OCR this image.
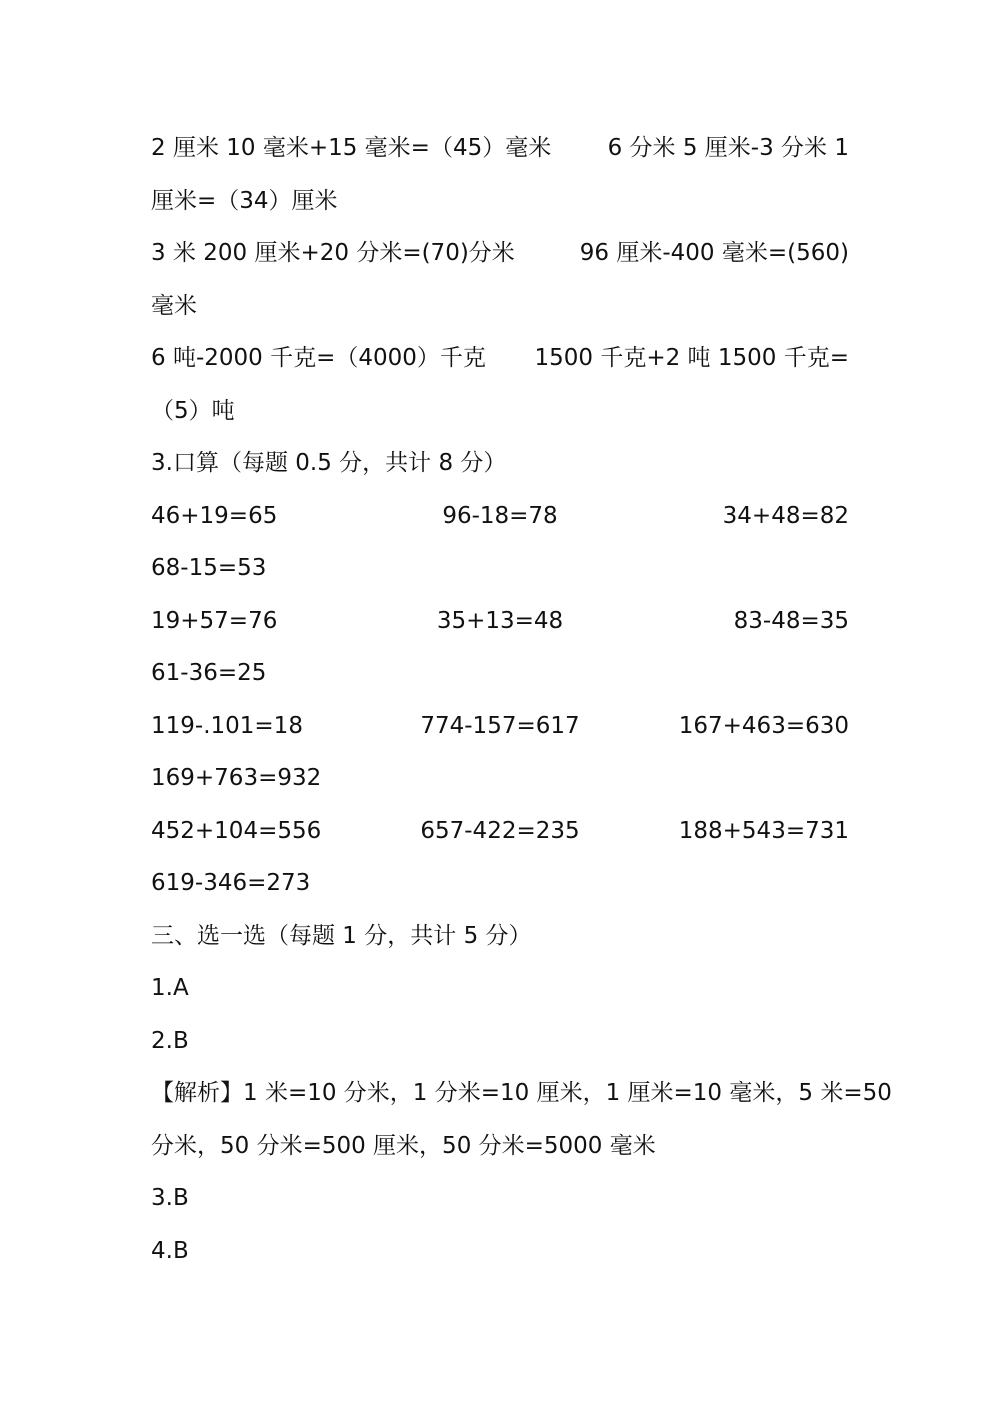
2 厘米 10 毫米+15 毫米=（45）毫米 6 分米 5 厘米-3 分米 1
厘米=（34）厘米
3 米 200 厘米+20 分米=(70)分米	96 厘米-400 毫米=(560)
毫米
6 吨-2000 千克=（4000）千克 1500 千克+2 吨 1500 千克=
（5）吨
3.口算（每题 0.5 分，共计 8 分）
46+19=65	96-18=78	34+48=82
68-15=53
19+57=76	35+13=48	83-48=35
61-36=25
119-.101=18	774-157=617	167+463=630
169+763=932
452+104=556	657-422=235	188+543=731
619-346=273
三、选一选（每题 1 分，共计 5 分）
1.A
2.B
【解析】1 米=10 分米，1 分米=10 厘米，1 厘米=10 毫米，5 米=50
分米，50 分米=500 厘米，50 分米=5000 毫米
3.B
4.B
